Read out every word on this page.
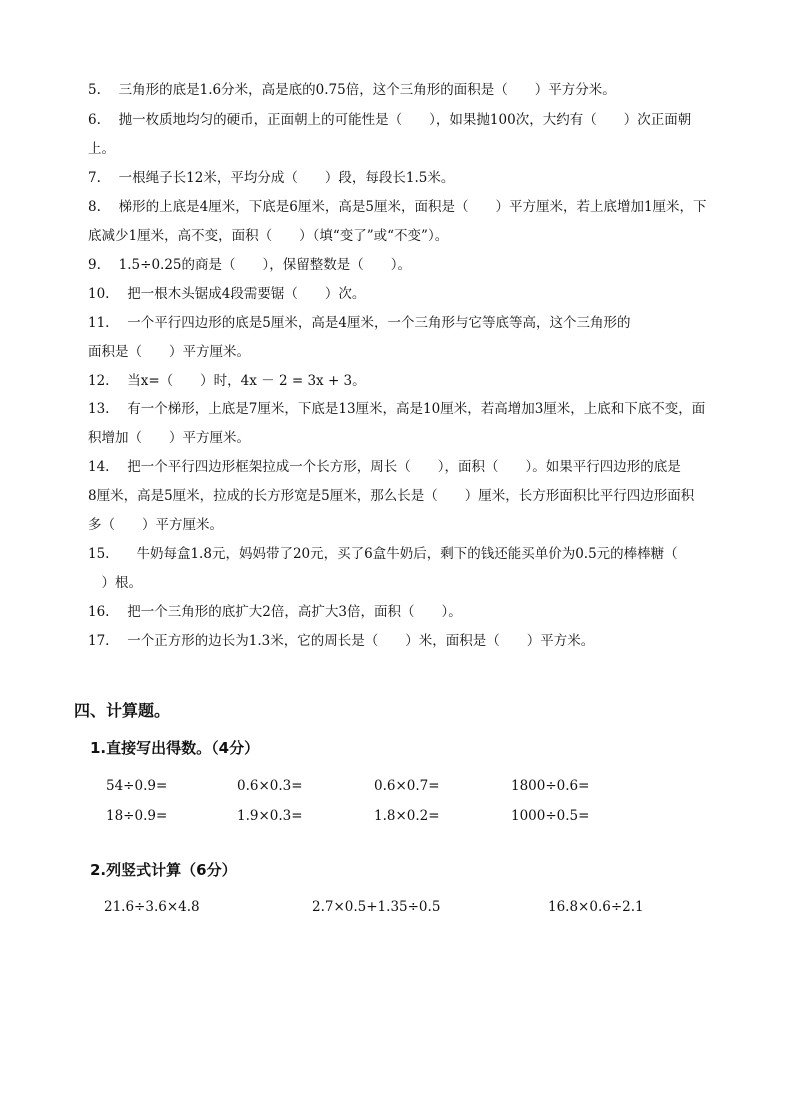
5.　 三角形的底是1.6分米，高是底的0.75倍，这个三角形的面积是（　　）平方分米。
6.　 抛一枚质地均匀的硬币，正面朝上的可能性是（　　），如果抛100次，大约有（　　）次正面朝
上。
7.　 一根绳子长12米，平均分成（　　）段，每段长1.5米。
8.　 梯形的上底是4厘米，下底是6厘米，高是5厘米，面积是（　　）平方厘米，若上底增加1厘米，下
底减少1厘米，高不变，面积（　　）（填“变了”或“不变”）。
9.　 1.5÷0.25的商是（　　），保留整数是（　　）。
10.　 把一根木头锯成4段需要锯（　　）次。
11.　 一个平行四边形的底是5厘米，高是4厘米，一个三角形与它等底等高，这个三角形的
面积是（　　）平方厘米。
12.　 当x=（　　）时，4x － 2 = 3x + 3。
13.　 有一个梯形，上底是7厘米，下底是13厘米，高是10厘米，若高增加3厘米，上底和下底不变，面
积增加（　　）平方厘米。
14.　 把一个平行四边形框架拉成一个长方形，周长（　　），面积（　　）。如果平行四边形的底是
8厘米，高是5厘米，拉成的长方形宽是5厘米，那么长是（　　）厘米，长方形面积比平行四边形面积
多（　　）平方厘米。
15.　　牛奶每盒1.8元，妈妈带了20元，买了6盒牛奶后，剩下的钱还能买单价为0.5元的棒棒糖（
　）根。
16.　 把一个三角形的底扩大2倍，高扩大3倍，面积（　　）。
17.　 一个正方形的边长为1.3米，它的周长是（　　）米，面积是（　　）平方米。
四、计算题。
1.直接写出得数。（4分）
54÷0.9=	0.6×0.3=	0.6×0.7=	1800÷0.6=
18÷0.9=	1.9×0.3=	1.8×0.2=	1000÷0.5=
2.列竖式计算（6分）
21.6÷3.6×4.8	2.7×0.5+1.35÷0.5	16.8×0.6÷2.1
